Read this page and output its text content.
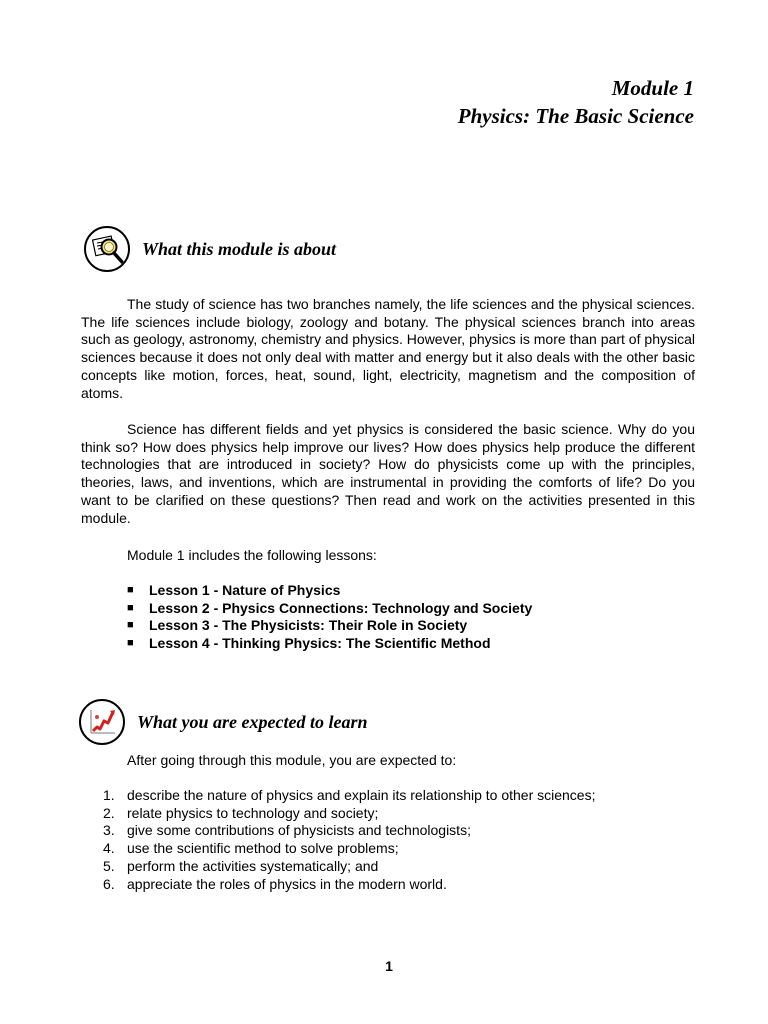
Module 1
Physics: The Basic Science
What this module is about

The study of science has two branches namely, the life sciences and the physical sciences. The life sciences include biology, zoology and botany. The physical sciences branch into areas such as geology, astronomy, chemistry and physics. However, physics is more than part of physical sciences because it does not only deal with matter and energy but it also deals with the other basic concepts like motion, forces, heat, sound, light, electricity, magnetism and the composition of atoms.

Science has different fields and yet physics is considered the basic science. Why do you think so? How does physics help improve our lives? How does physics help produce the different technologies that are introduced in society? How do physicists come up with the principles, theories, laws, and inventions, which are instrumental in providing the comforts of life? Do you want to be clarified on these questions? Then read and work on the activities presented in this module.

Module 1 includes the following lessons:

■ Lesson 1 - Nature of Physics
■ Lesson 2 - Physics Connections: Technology and Society
■ Lesson 3 - The Physicists: Their Role in Society
■ Lesson 4 - Thinking Physics: The Scientific Method
What you are expected to learn

After going through this module, you are expected to:

1. describe the nature of physics and explain its relationship to other sciences;
2. relate physics to technology and society;
3. give some contributions of physicists and technologists;
4. use the scientific method to solve problems;
5. perform the activities systematically; and
6. appreciate the roles of physics in the modern world.
1
